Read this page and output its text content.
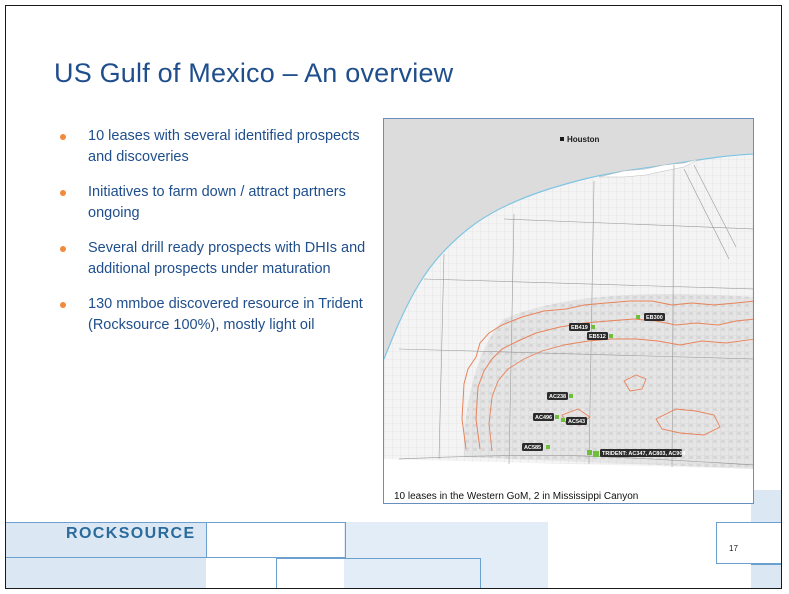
US Gulf of Mexico – An overview
10 leases with several identified prospects and discoveries
Initiatives to farm down / attract partners ongoing
Several drill ready prospects with DHIs and additional prospects under maturation
130 mmboe discovered resource in Trident (Rocksource 100%), mostly light oil
Houston
EB419
EB512
EB300
AC238
AC496
AC543
AC585
TRIDENT: AC347, AC803, AC904

10 leases in the Western GoM, 2 in Mississippi Canyon

ROCKSOURCE

17
